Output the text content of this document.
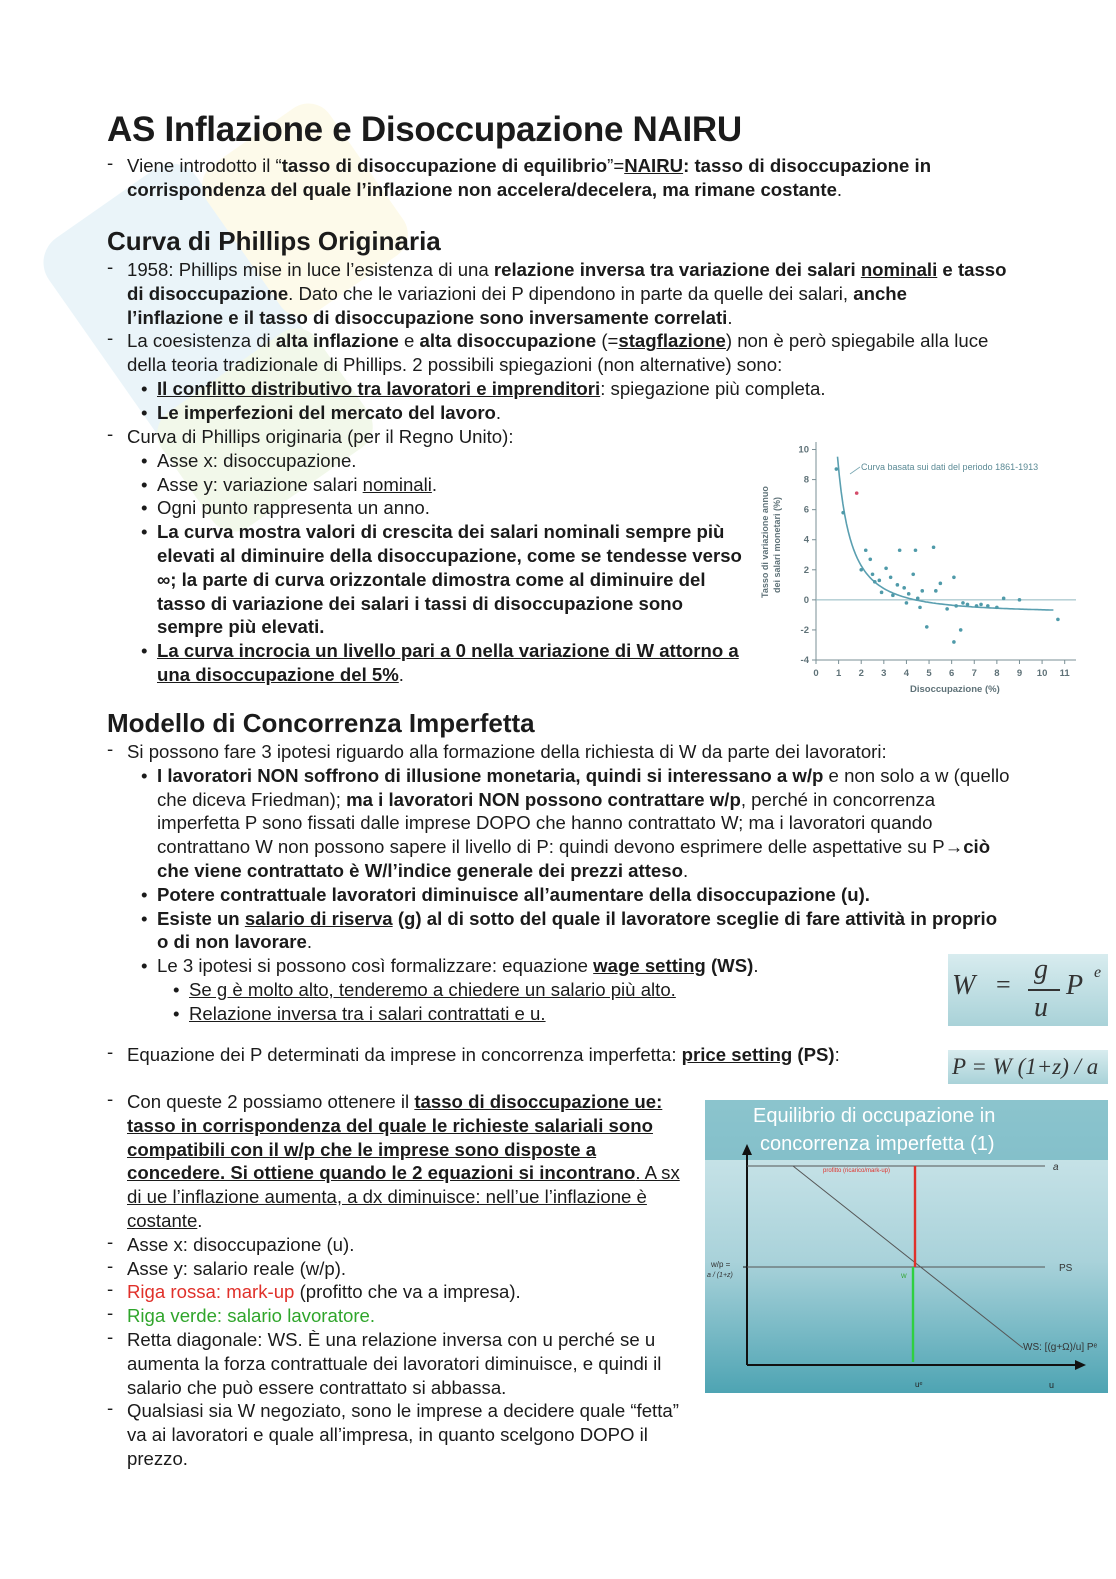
AS Inflazione e Disoccupazione NAIRU

- Viene introdotto il “tasso di disoccupazione di equilibrio”=NAIRU: tasso di disoccupazione in corrispondenza del quale l’inflazione non accelera/decelera, ma rimane costante.

Curva di Phillips Originaria

- 1958: Phillips mise in luce l’esistenza di una relazione inversa tra variazione dei salari nominali e tasso di disoccupazione. Dato che le variazioni dei P dipendono in parte da quelle dei salari, anche l’inflazione e il tasso di disoccupazione sono inversamente correlati.

- La coesistenza di alta inflazione e alta disoccupazione (=stagflazione) non è però spiegabile alla luce della teoria tradizionale di Phillips. 2 possibili spiegazioni (non alternative) sono:

• Il conflitto distributivo tra lavoratori e imprenditori: spiegazione più completa.

• Le imperfezioni del mercato del lavoro.

- Curva di Phillips originaria (per il Regno Unito):

• Asse x: disoccupazione.

• Asse y: variazione salari nominali.

• Ogni punto rappresenta un anno.

• La curva mostra valori di crescita dei salari nominali sempre più elevati al diminuire della disoccupazione, come se tendesse verso ∞; la parte di curva orizzontale dimostra come al diminuire del tasso di variazione dei salari i tassi di disoccupazione sono sempre più elevati.

• La curva incrocia un livello pari a 0 nella variazione di W attorno a una disoccupazione del 5%.	0 1 2 3 4 5 6 7 8 9 10 11
-4
-2
0
2
4
6
8
10
Curva basata sui dati del periodo 1861-1913
Tasso di variazione annuo dei salari monetari (%)
Disoccupazione (%)
Modello di Concorrenza Imperfetta

- Si possono fare 3 ipotesi riguardo alla formazione della richiesta di W da parte dei lavoratori:

• I lavoratori NON soffrono di illusione monetaria, quindi si interessano a w/p e non solo a w (quello che diceva Friedman); ma i lavoratori NON possono contrattare w/p, perché in concorrenza imperfetta P sono fissati dalle imprese DOPO che hanno contrattato W; ma i lavoratori quando contrattano W non possono sapere il livello di P: quindi devono esprimere delle aspettative su P→ciò che viene contrattato è W/l’indice generale dei prezzi atteso.

• Potere contrattuale lavoratori diminuisce all’aumentare della disoccupazione (u).

• Esiste un salario di riserva (g) al di sotto del quale il lavoratore sceglie di fare attività in proprio o di non lavorare.

• Le 3 ipotesi si possono così formalizzare: equazione wage setting (WS).

• Se g è molto alto, tenderemo a chiedere un salario più alto.

• Relazione inversa tra i salari contrattati e u.

- Equazione dei P determinati da imprese in concorrenza imperfetta: price setting (PS):

W = g
u
P e
P = W (1+z) / a

- Con queste 2 possiamo ottenere il tasso di disoccupazione ue: tasso in corrispondenza del quale le richieste salariali sono compatibili con il w/p che le imprese sono disposte a concedere. Si ottiene quando le 2 equazioni si incontrano. A sx di ue l’inflazione aumenta, a dx diminuisce: nell’ue l’inflazione è costante.

- Asse x: disoccupazione (u).

- Asse y: salario reale (w/p).

- Riga rossa: mark-up (profitto che va a impresa).

- Riga verde: salario lavoratore.

- Retta diagonale: WS. È una relazione inversa con u perché se u aumenta la forza contrattuale dei lavoratori diminuisce, e quindi il salario che può essere contrattato si abbassa.

- Qualsiasi sia W negoziato, sono le imprese a decidere quale “fetta” va ai lavoratori e quale all’impresa, in quanto scelgono DOPO il prezzo.

Equilibrio di occupazione in
concorrenza imperfetta (1)
a
PS
WS: [(g+Ω)/u] Pᵉ
profitto (ricarico/mark-up)
W
w/p =
a / (1+z)
uᵉ	u
